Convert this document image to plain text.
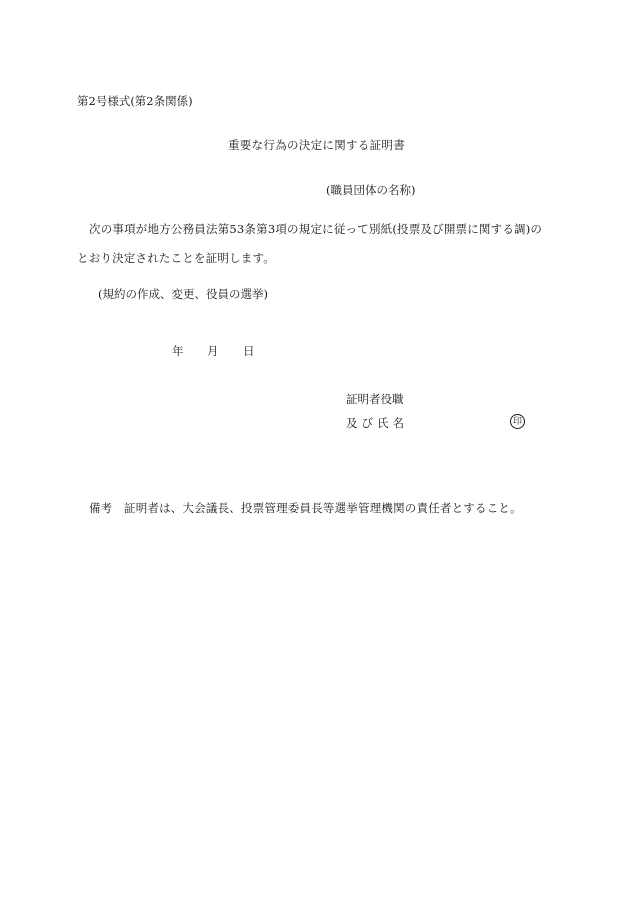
第2号様式(第2条関係)
重要な行為の決定に関する証明書
(職員団体の名称)
次の事項が地方公務員法第53条第3項の規定に従って別紙(投票及び開票に関する調)の
とおり決定されたことを証明します。
(規約の作成、変更、役員の選挙)
年 月 日
証明者役職
及び氏名	印
備考 証明者は、大会議長、投票管理委員長等選挙管理機関の責任者とすること。
